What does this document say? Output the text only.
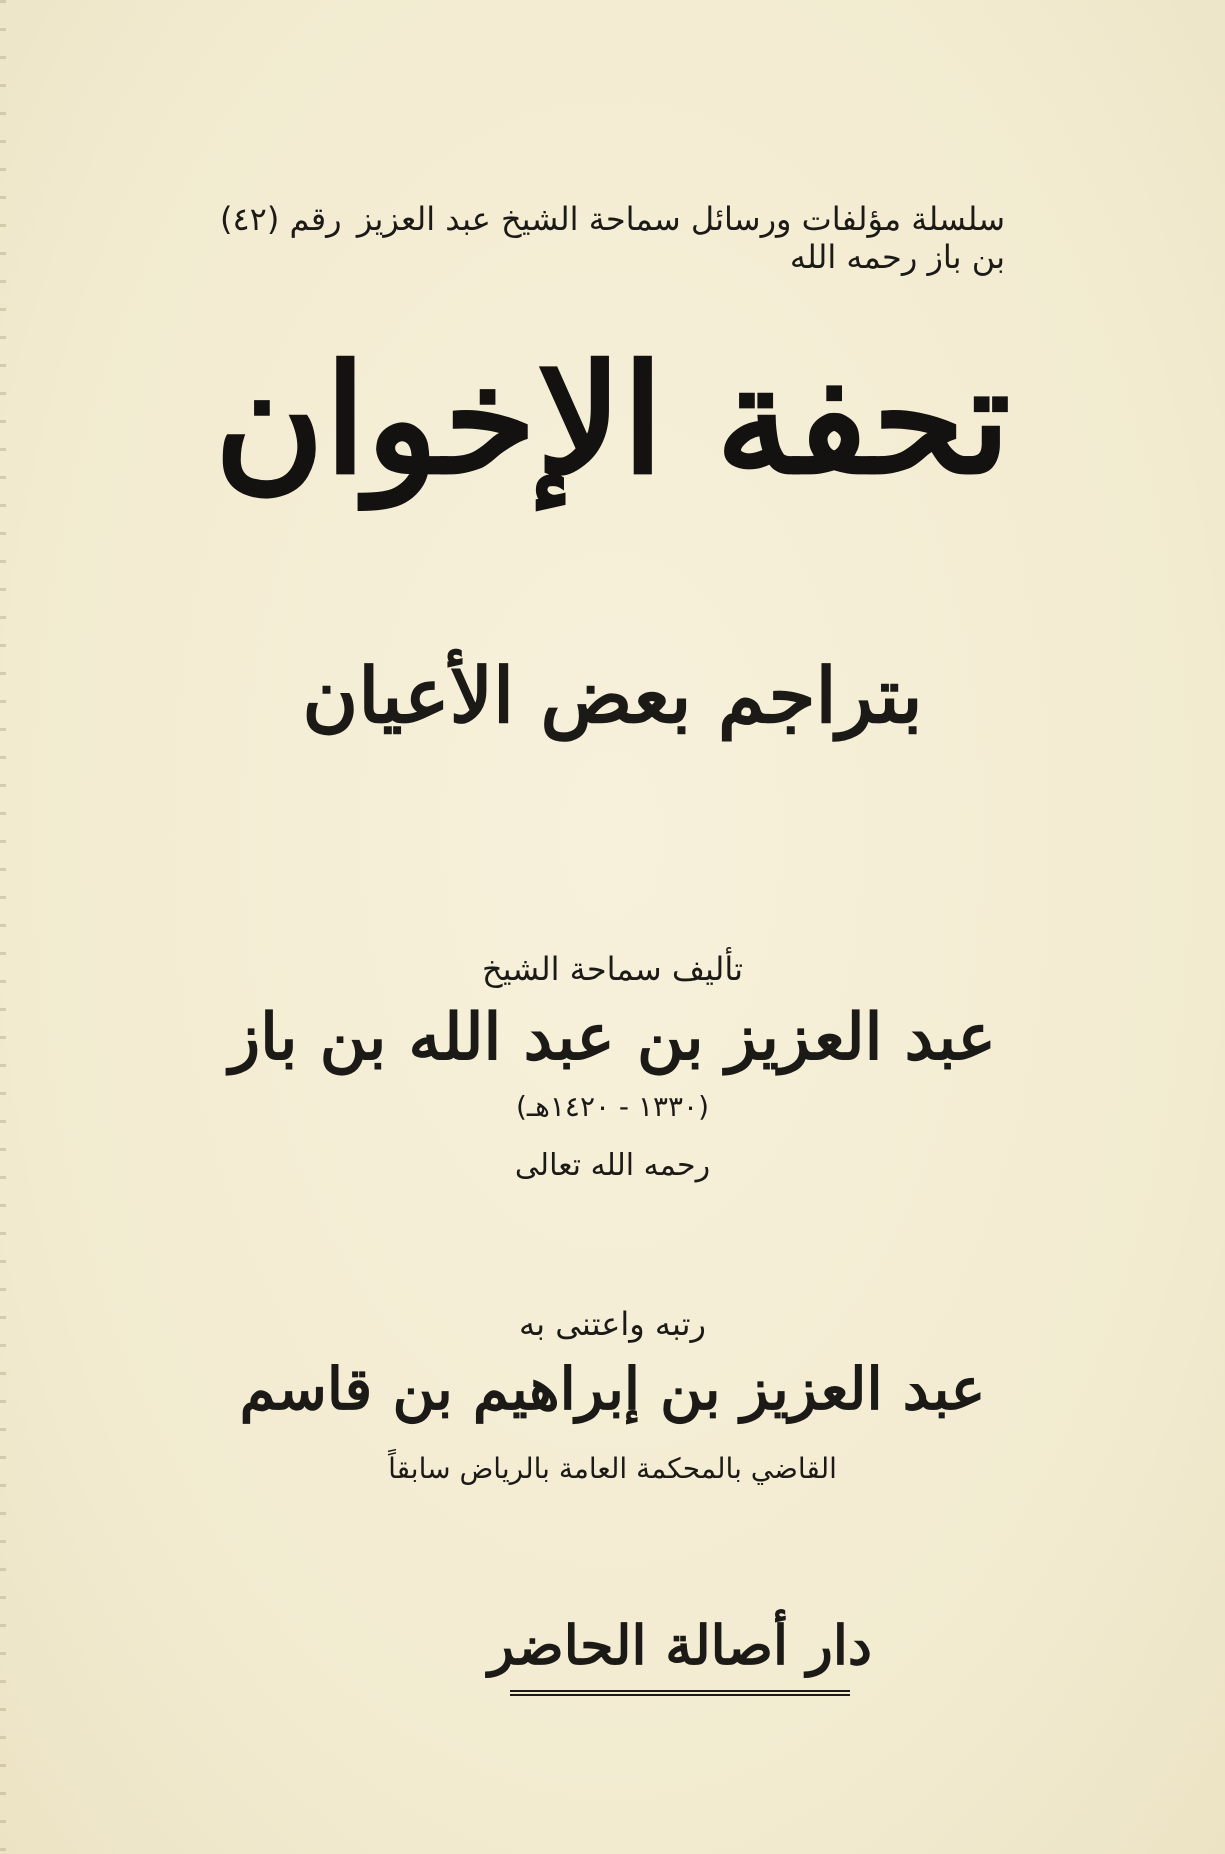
سلسلة مؤلفات ورسائل سماحة الشيخ عبد العزيز بن باز رحمه الله
رقم (٤٢)
تحفة الإخوان
بتراجم بعض الأعيان
تأليف سماحة الشيخ
عبد العزيز بن عبد الله بن باز
(١٣٣٠ - ١٤٢٠هـ)
رحمه الله تعالى
رتبه واعتنى به
عبد العزيز بن إبراهيم بن قاسم
القاضي بالمحكمة العامة بالرياض سابقاً
دار أصالة الحاضر
